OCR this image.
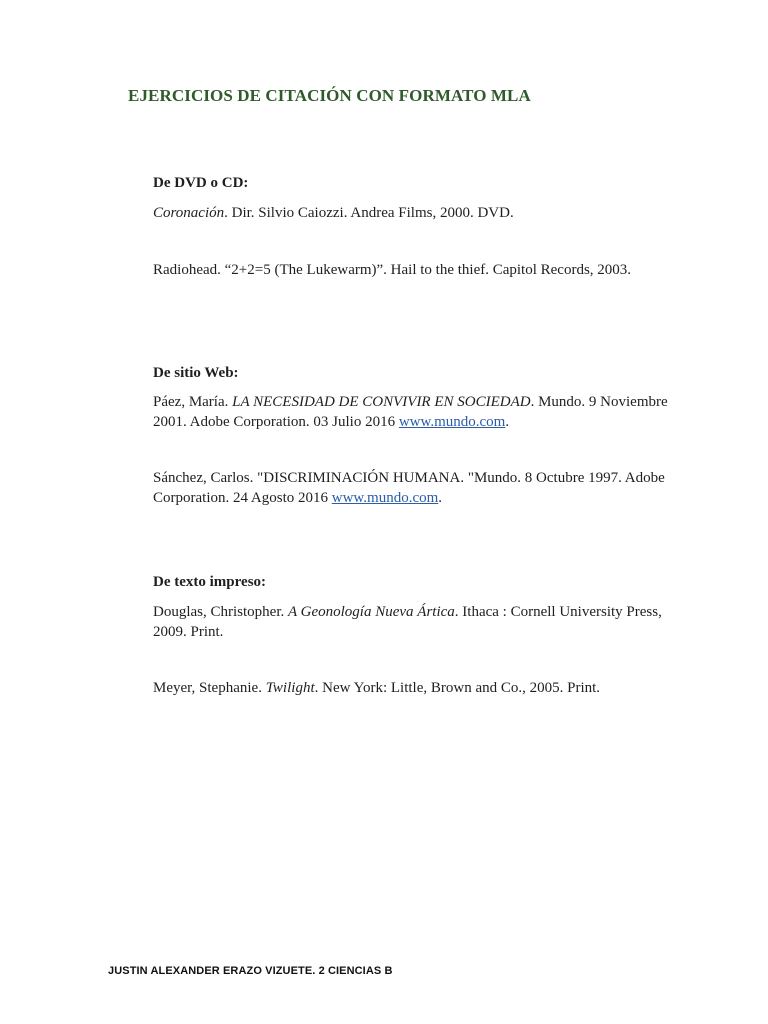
EJERCICIOS DE CITACIÓN CON FORMATO MLA
De DVD o CD:
Coronación. Dir. Silvio Caiozzi. Andrea Films, 2000. DVD.
Radiohead. “2+2=5 (The Lukewarm)”. Hail to the thief. Capitol Records, 2003.
De sitio Web:
Páez, María. LA NECESIDAD DE CONVIVIR EN SOCIEDAD. Mundo. 9 Noviembre 2001. Adobe Corporation. 03 Julio 2016 www.mundo.com.
Sánchez, Carlos. "DISCRIMINACIÓN HUMANA. "Mundo. 8 Octubre 1997. Adobe Corporation. 24 Agosto 2016 www.mundo.com.
De texto impreso:
Douglas, Christopher. A Geonología Nueva Ártica. Ithaca : Cornell University Press, 2009. Print.
Meyer, Stephanie. Twilight. New York: Little, Brown and Co., 2005. Print.
JUSTIN ALEXANDER ERAZO VIZUETE. 2 CIENCIAS B
